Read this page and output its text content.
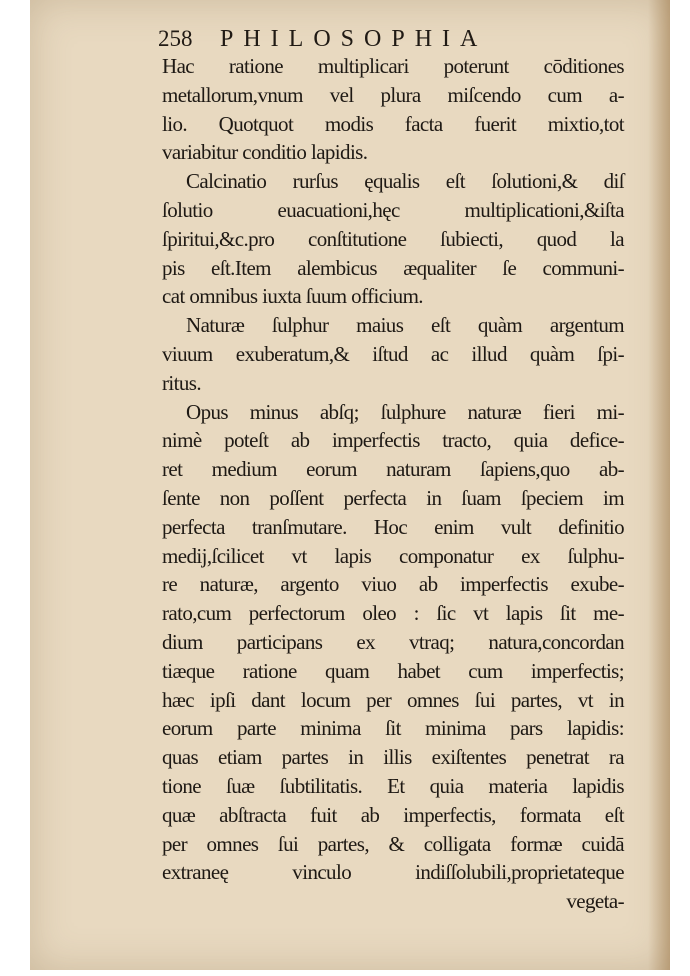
258 PHILOSOPHIA
Hac ratione multiplicari poterunt cōditiones
metallorum,vnum vel plura miſcendo cum a-
lio. Quotquot modis facta fuerit mixtio,tot
variabitur conditio lapidis.
Calcinatio rurſus ęqualis eſt ſolutioni,& diſ
ſolutio euacuationi,hęc multiplicationi,&iſta
ſpiritui,&c.pro conſtitutione ſubiecti, quod la
pis eſt.Item alembicus æqualiter ſe communi-
cat omnibus iuxta ſuum officium.
Naturæ ſulphur maius eſt quàm argentum
viuum exuberatum,& iſtud ac illud quàm ſpi-
ritus.
Opus minus abſq; ſulphure naturæ fieri mi-
nimè poteſt ab imperfectis tracto, quia defice-
ret medium eorum naturam ſapiens,quo ab-
ſente non poſſent perfecta in ſuam ſpeciem im
perfecta tranſmutare. Hoc enim vult definitio
medij,ſcilicet vt lapis componatur ex ſulphu-
re naturæ, argento viuo ab imperfectis exube-
rato,cum perfectorum oleo : ſic vt lapis ſit me-
dium participans ex vtraq; natura,concordan
tiæque ratione quam habet cum imperfectis;
hæc ipſi dant locum per omnes ſui partes, vt in
eorum parte minima ſit minima pars lapidis:
quas etiam partes in illis exiſtentes penetrat ra
tione ſuæ ſubtilitatis. Et quia materia lapidis
quæ abſtracta fuit ab imperfectis, formata eſt
per omnes ſui partes, & colligata formæ cuidā
extraneę vinculo indiſſolubili,proprietateque
vegeta-
